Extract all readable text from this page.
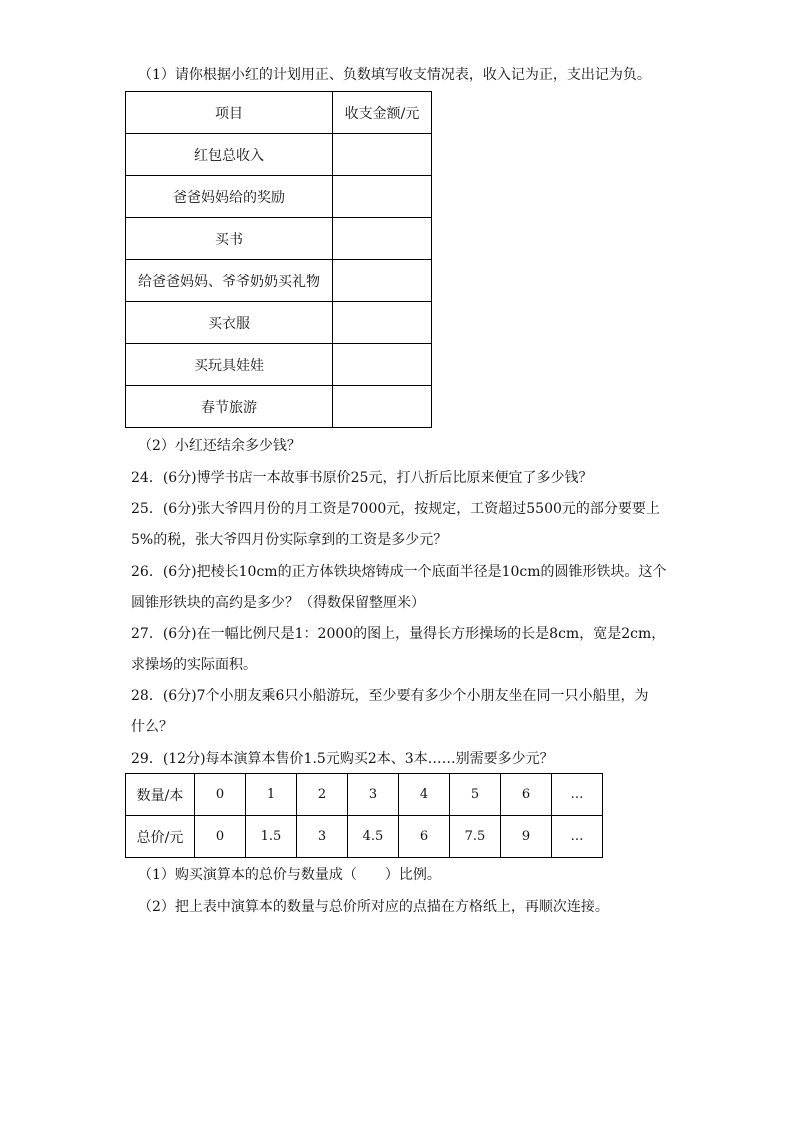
（1）请你根据小红的计划用正、负数填写收支情况表，收入记为正，支出记为负。
项目	收支金额/元
红包总收入	
爸爸妈妈给的奖励	
买书	
给爸爸妈妈、爷爷奶奶买礼物	
买衣服	
买玩具娃娃	
春节旅游	
（2）小红还结余多少钱？
24．(6分)博学书店一本故事书原价25元，打八折后比原来便宜了多少钱？
25．(6分)张大爷四月份的月工资是7000元，按规定，工资超过5500元的部分要要上
5%的税，张大爷四月份实际拿到的工资是多少元？
26．(6分)把棱长10cm的正方体铁块熔铸成一个底面半径是10cm的圆锥形铁块。这个
圆锥形铁块的高约是多少？（得数保留整厘米）
27．(6分)在一幅比例尺是1：2000的图上，量得长方形操场的长是8cm，宽是2cm，
求操场的实际面积。
28．(6分)7个小朋友乘6只小船游玩，至少要有多少个小朋友坐在同一只小船里，为
什么？
29．(12分)每本演算本售价1.5元购买2本、3本……别需要多少元？
数量/本	0	1	2	3	4	5	6	…
总价/元	0	1.5	3	4.5	6	7.5	9	…
（1）购买演算本的总价与数量成（　　）比例。
（2）把上表中演算本的数量与总价所对应的点描在方格纸上，再顺次连接。
